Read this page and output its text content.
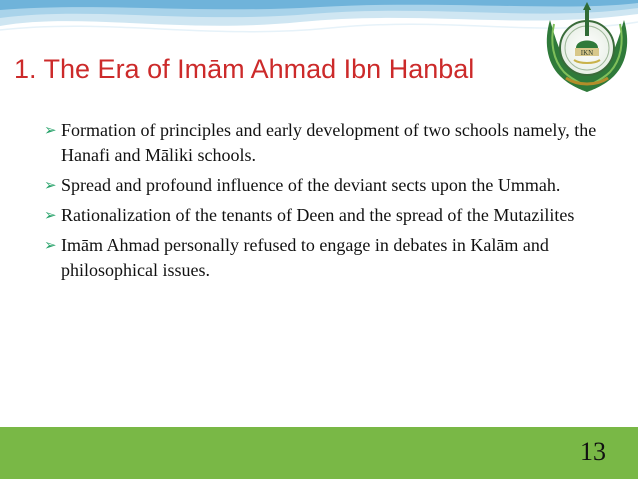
IKN
1. The Era of Imām Ahmad Ibn Hanbal
➢ Formation of principles and early development of two schools namely, the Hanafi and Māliki schools.
➢ Spread and profound influence of the deviant sects upon the Ummah.
➢ Rationalization of the tenants of Deen and the spread of the Mutazilites
➢ Imām Ahmad personally refused to engage in debates in Kalām and philosophical issues.
13
